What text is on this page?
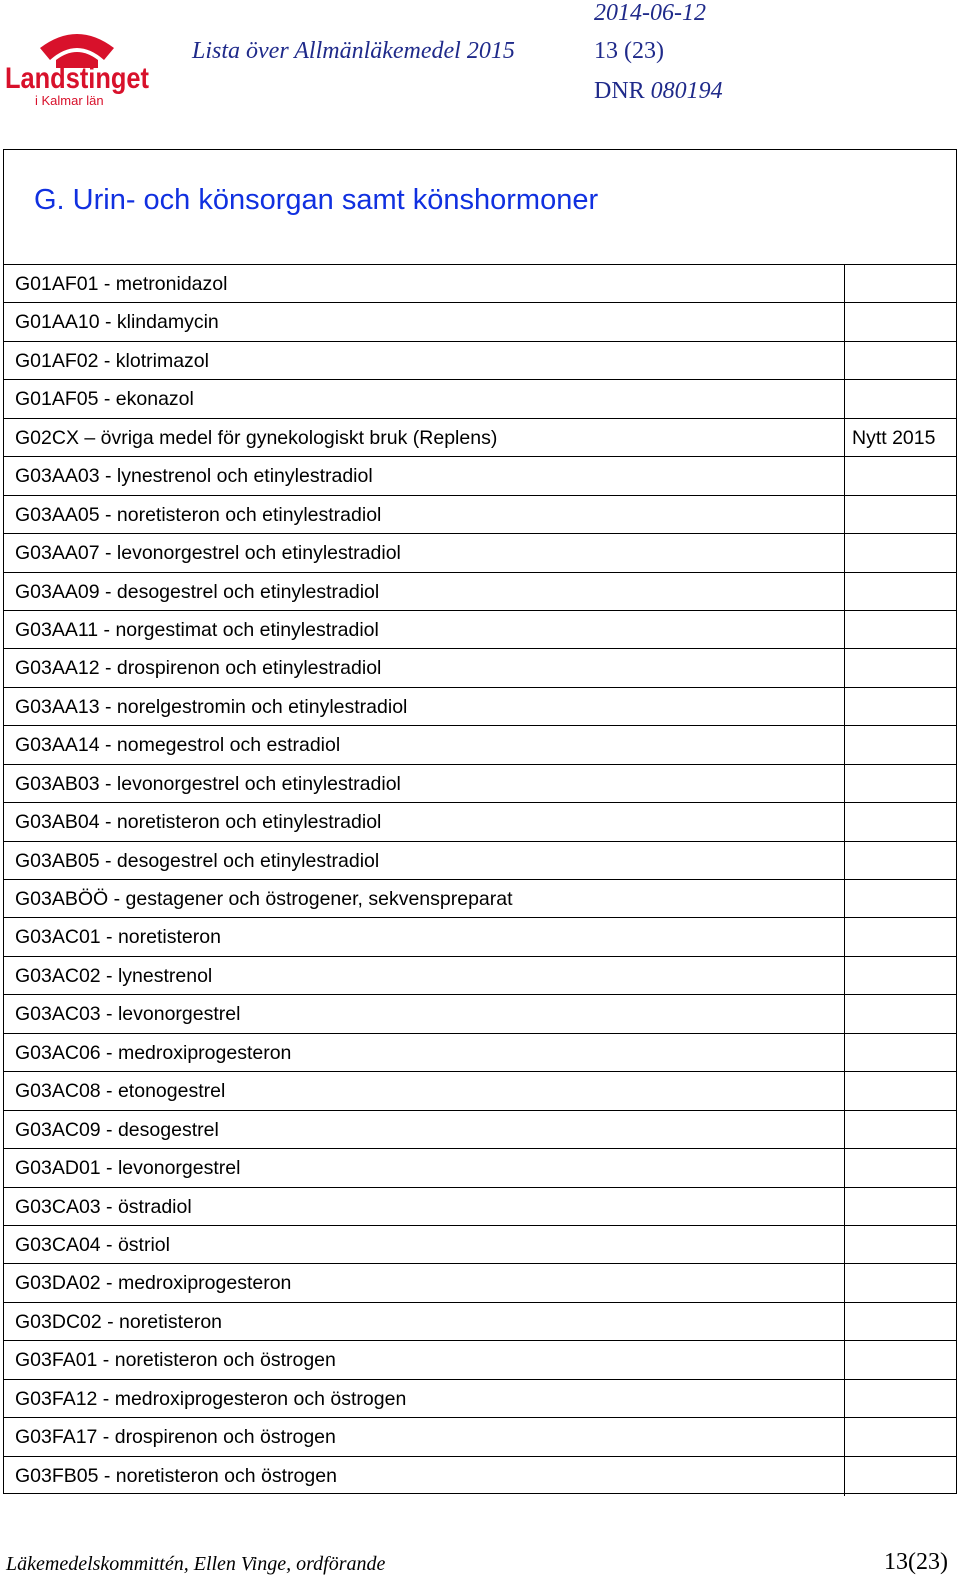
Landstinget
i Kalmar län
Lista över Allmänläkemedel 2015
2014-06-12
13 (23)
DNR 080194
G. Urin- och könsorgan samt könshormoner
G01AF01 - metronidazol
G01AA10 - klindamycin
G01AF02 - klotrimazol
G01AF05 - ekonazol
G02CX – övriga medel för gynekologiskt bruk (Replens)	Nytt 2015
G03AA03 - lynestrenol och etinylestradiol
G03AA05 - noretisteron och etinylestradiol
G03AA07 - levonorgestrel och etinylestradiol
G03AA09 - desogestrel och etinylestradiol
G03AA11 - norgestimat och etinylestradiol
G03AA12 - drospirenon och etinylestradiol
G03AA13 - norelgestromin och etinylestradiol
G03AA14 - nomegestrol och estradiol
G03AB03 - levonorgestrel och etinylestradiol
G03AB04 - noretisteron och etinylestradiol
G03AB05 - desogestrel och etinylestradiol
G03ABÖÖ - gestagener och östrogener, sekvenspreparat
G03AC01 - noretisteron
G03AC02 - lynestrenol
G03AC03 - levonorgestrel
G03AC06 - medroxiprogesteron
G03AC08 - etonogestrel
G03AC09 - desogestrel
G03AD01 - levonorgestrel
G03CA03 - östradiol
G03CA04 - östriol
G03DA02 - medroxiprogesteron
G03DC02 - noretisteron
G03FA01 - noretisteron och östrogen
G03FA12 - medroxiprogesteron och östrogen
G03FA17 - drospirenon och östrogen
G03FB05 - noretisteron och östrogen
Läkemedelskommittén, Ellen Vinge, ordförande	13(23)
